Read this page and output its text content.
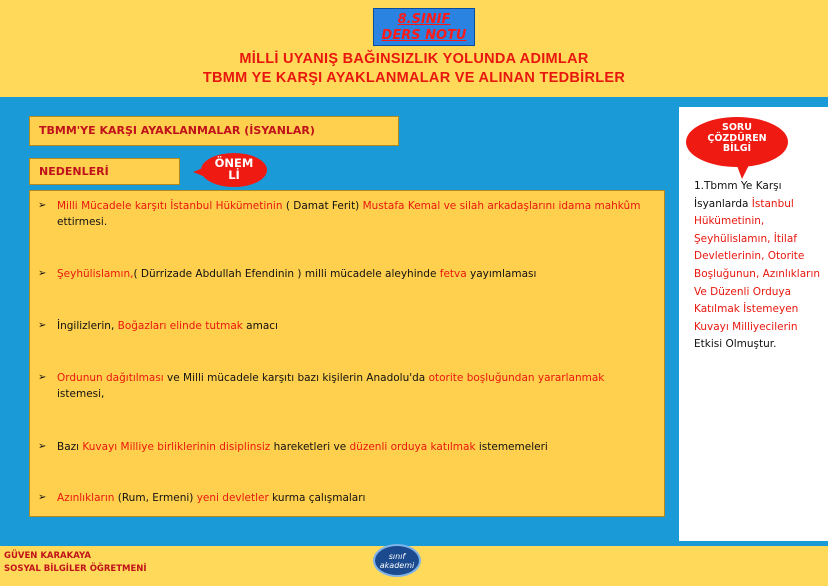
8.SINIF
DERS NOTU
MİLLİ UYANIŞ BAĞINSIZLIK YOLUNDA ADIMLAR
TBMM YE KARŞI AYAKLANMALAR VE ALINAN TEDBİRLER
TBMM'YE KARŞI AYAKLANMALAR (İSYANLAR)
NEDENLERİ
ÖNEM
Lİ
➢	Milli Mücadele karşıtı İstanbul Hükümetinin ( Damat Ferit) Mustafa Kemal ve silah arkadaşlarını idama mahkûm ettirmesi.
➢	Şeyhülislamın,( Dürrizade Abdullah Efendinin ) milli mücadele aleyhinde fetva yayımlaması
➢	İngilizlerin, Boğazları elinde tutmak amacı
➢	Ordunun dağıtılması ve Milli mücadele karşıtı bazı kişilerin Anadolu'da otorite boşluğundan yararlanmak istemesi,
➢	Bazı Kuvayı Milliye birliklerinin disiplinsiz hareketleri ve düzenli orduya katılmak istememeleri
➢	Azınlıkların (Rum, Ermeni) yeni devletler kurma çalışmaları
SORU
ÇÖZDÜREN
BİLGİ
1.Tbmm Ye Karşı İsyanlarda İstanbul Hükümetinin, Şeyhülislamın, İtilaf Devletlerinin, Otorite Boşluğunun, Azınlıkların Ve Düzenli Orduya Katılmak İstemeyen Kuvayı Milliyecilerin Etkisi Olmuştur.
GÜVEN KARAKAYA
SOSYAL BİLGİLER ÖĞRETMENİ
sınıf
akademi
